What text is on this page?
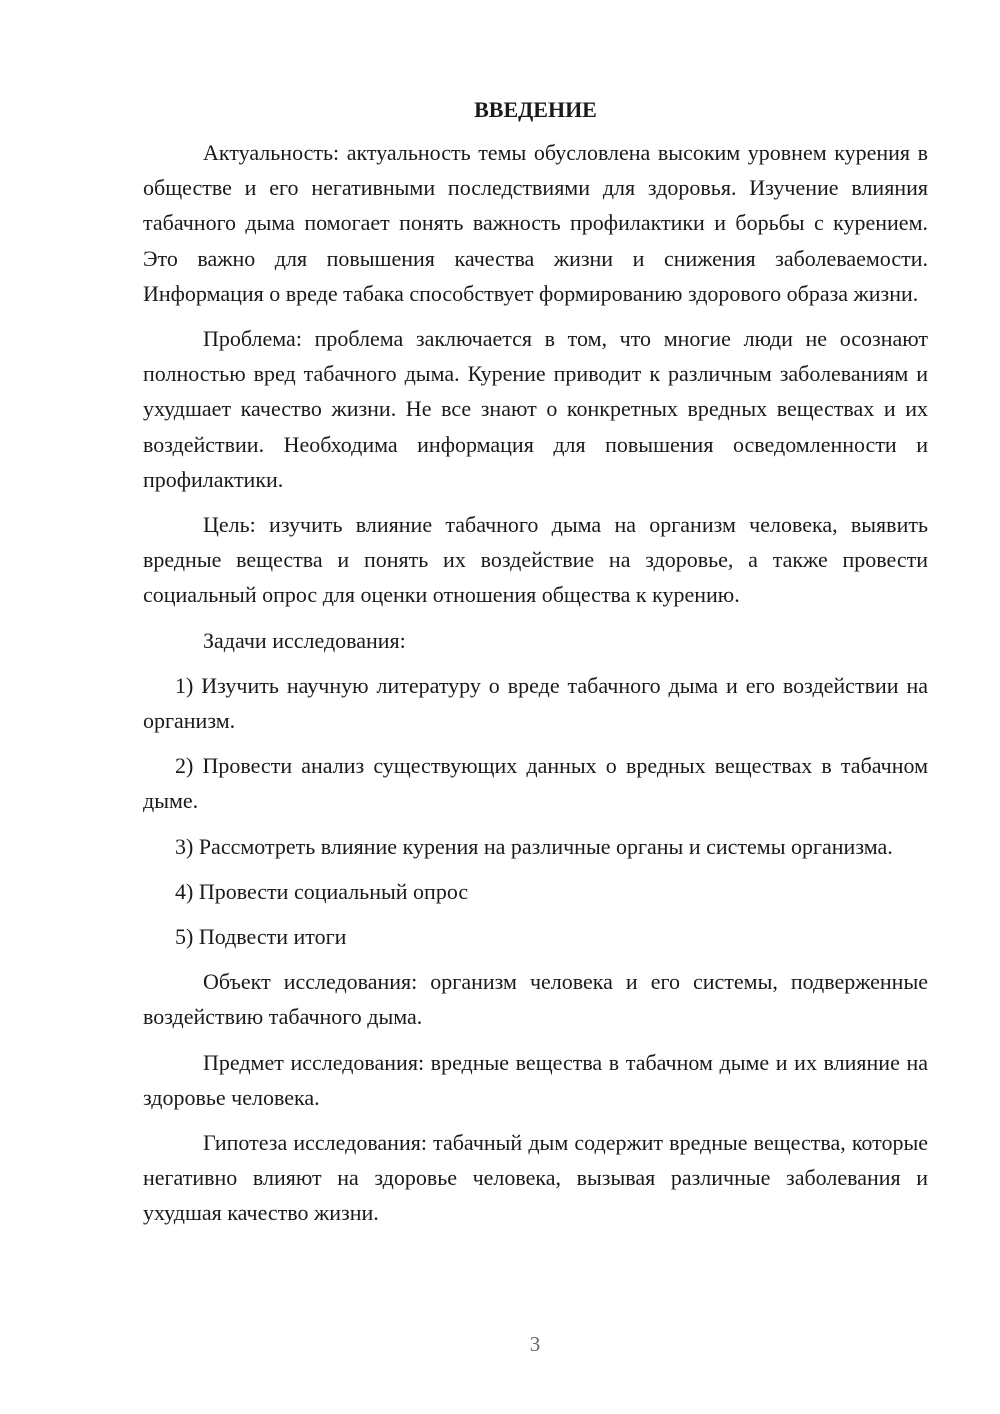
ВВЕДЕНИЕ

Актуальность: актуальность темы обусловлена высоким уровнем курения в обществе и его негативными последствиями для здоровья. Изучение влияния табачного дыма помогает понять важность профилактики и борьбы с курением. Это важно для повышения качества жизни и снижения заболеваемости. Информация о вреде табака способствует формированию здорового образа жизни.

Проблема: проблема заключается в том, что многие люди не осознают полностью вред табачного дыма. Курение приводит к различным заболеваниям и ухудшает качество жизни. Не все знают о конкретных вредных веществах и их воздействии. Необходима информация для повышения осведомленности и профилактики.

Цель: изучить влияние табачного дыма на организм человека, выявить вредные вещества и понять их воздействие на здоровье, а также провести социальный опрос для оценки отношения общества к курению.

Задачи исследования:

1) Изучить научную литературу о вреде табачного дыма и его воздействии на организм.

2) Провести анализ существующих данных о вредных веществах в табачном дыме.

3) Рассмотреть влияние курения на различные органы и системы организма.

4) Провести социальный опрос

5) Подвести итоги

Объект исследования: организм человека и его системы, подверженные воздействию табачного дыма.

Предмет исследования: вредные вещества в табачном дыме и их влияние на здоровье человека.

Гипотеза исследования: табачный дым содержит вредные вещества, которые негативно влияют на здоровье человека, вызывая различные заболевания и ухудшая качество жизни.

3
